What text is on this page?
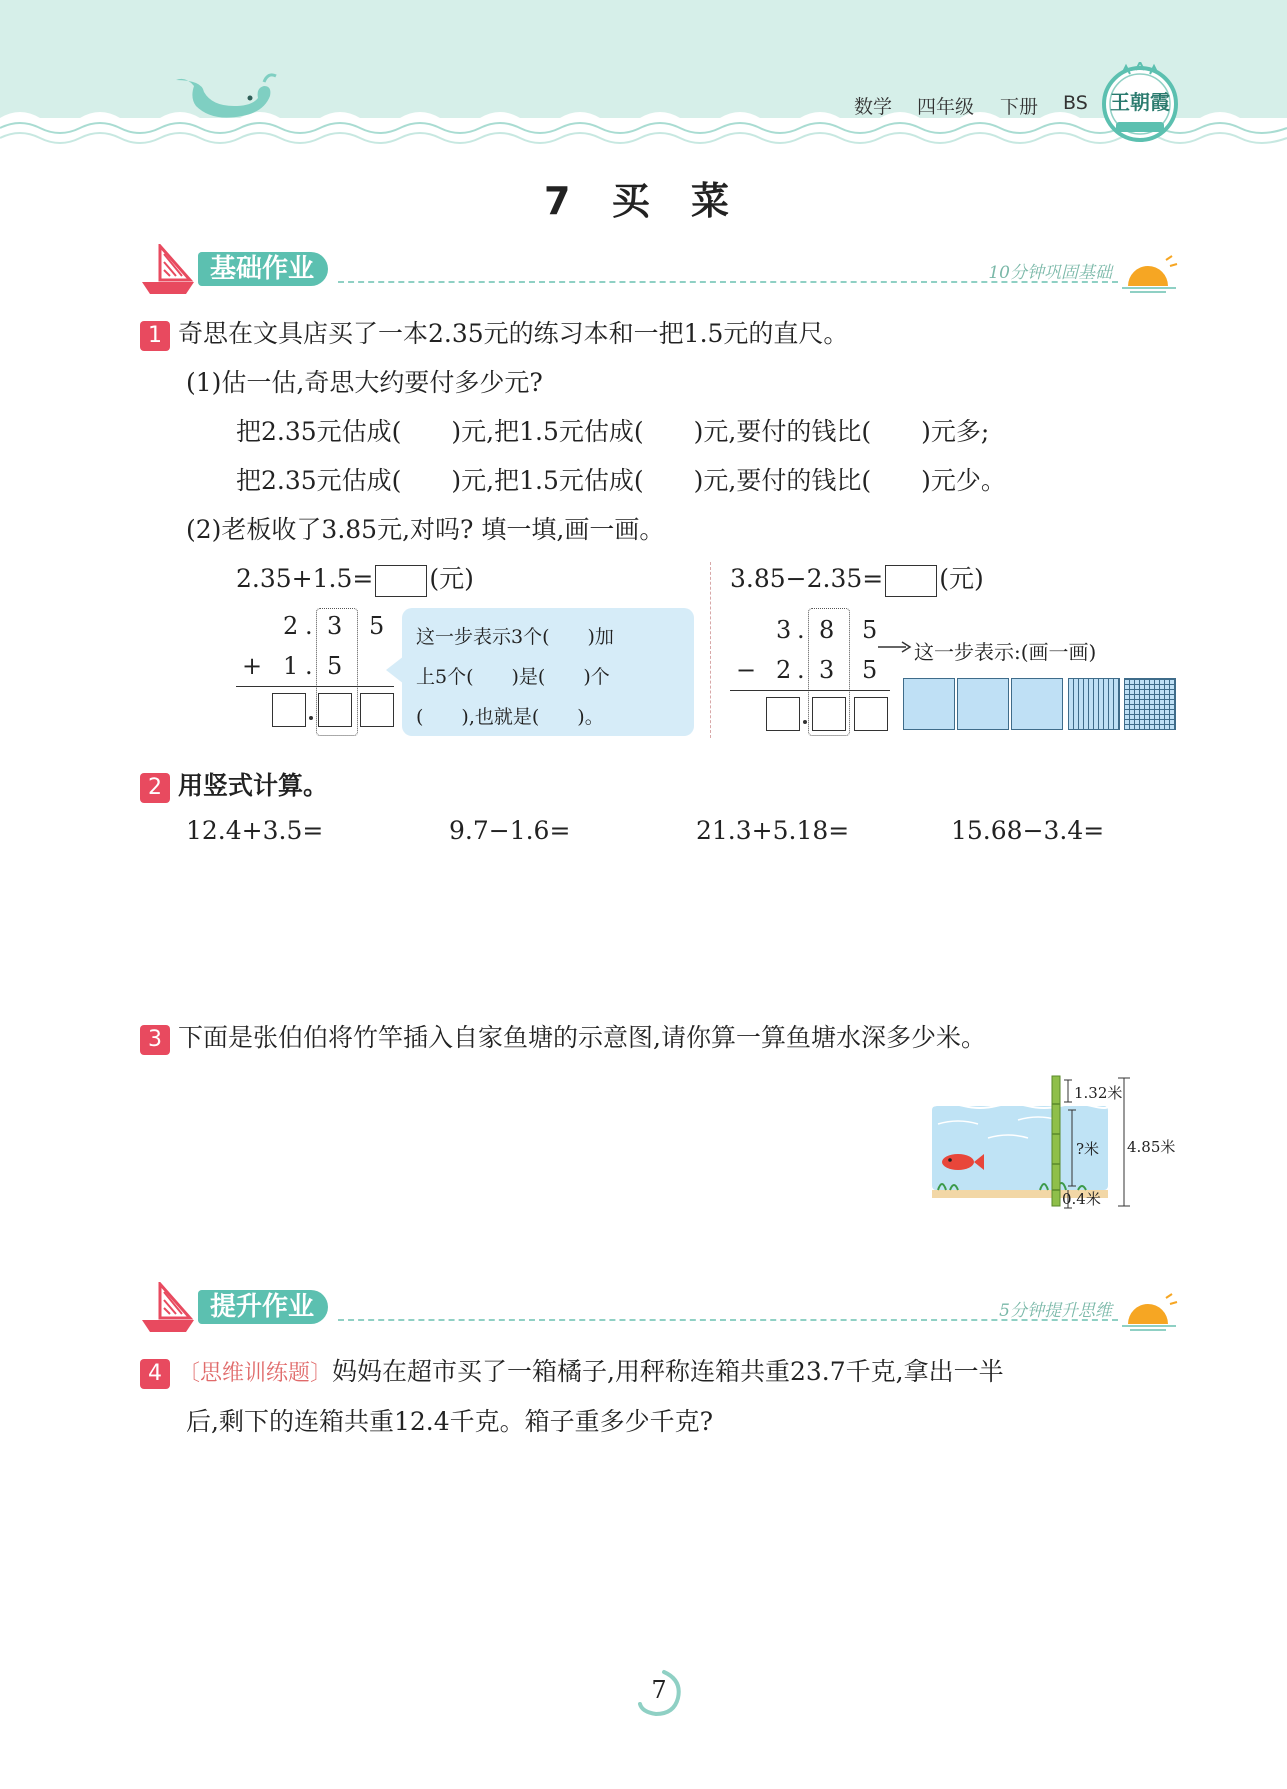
数学 四年级 下册 BS 王朝霞
7 买 菜
基础作业	10分钟巩固基础
1 奇思在文具店买了一本2.35元的练习本和一把1.5元的直尺。
(1)估一估,奇思大约要付多少元?
把2.35元估成(　　)元,把1.5元估成(　　)元,要付的钱比(　　)元多;
把2.35元估成(　　)元,把1.5元估成(　　)元,要付的钱比(　　)元少。
(2)老板收了3.85元,对吗? 填一填,画一画。
2.35+1.5= (元)	3.85−2.35= (元)
2 . 3 5
+ 1 . 5
这一步表示3个(　　)加
上5个(　　)是(　　)个
(　　),也就是(　　)。
3 . 8 5
− 2 . 3 5
这一步表示:(画一画)
2 用竖式计算。
12.4+3.5=	9.7−1.6=	21.3+5.18=	15.68−3.4=
3 下面是张伯伯将竹竿插入自家鱼塘的示意图,请你算一算鱼塘水深多少米。
1.32米
?米 4.85米
0.4米
提升作业	5分钟提升思维
4 〔思维训练题〕妈妈在超市买了一箱橘子,用秤称连箱共重23.7千克,拿出一半
后,剩下的连箱共重12.4千克。箱子重多少千克?
7
